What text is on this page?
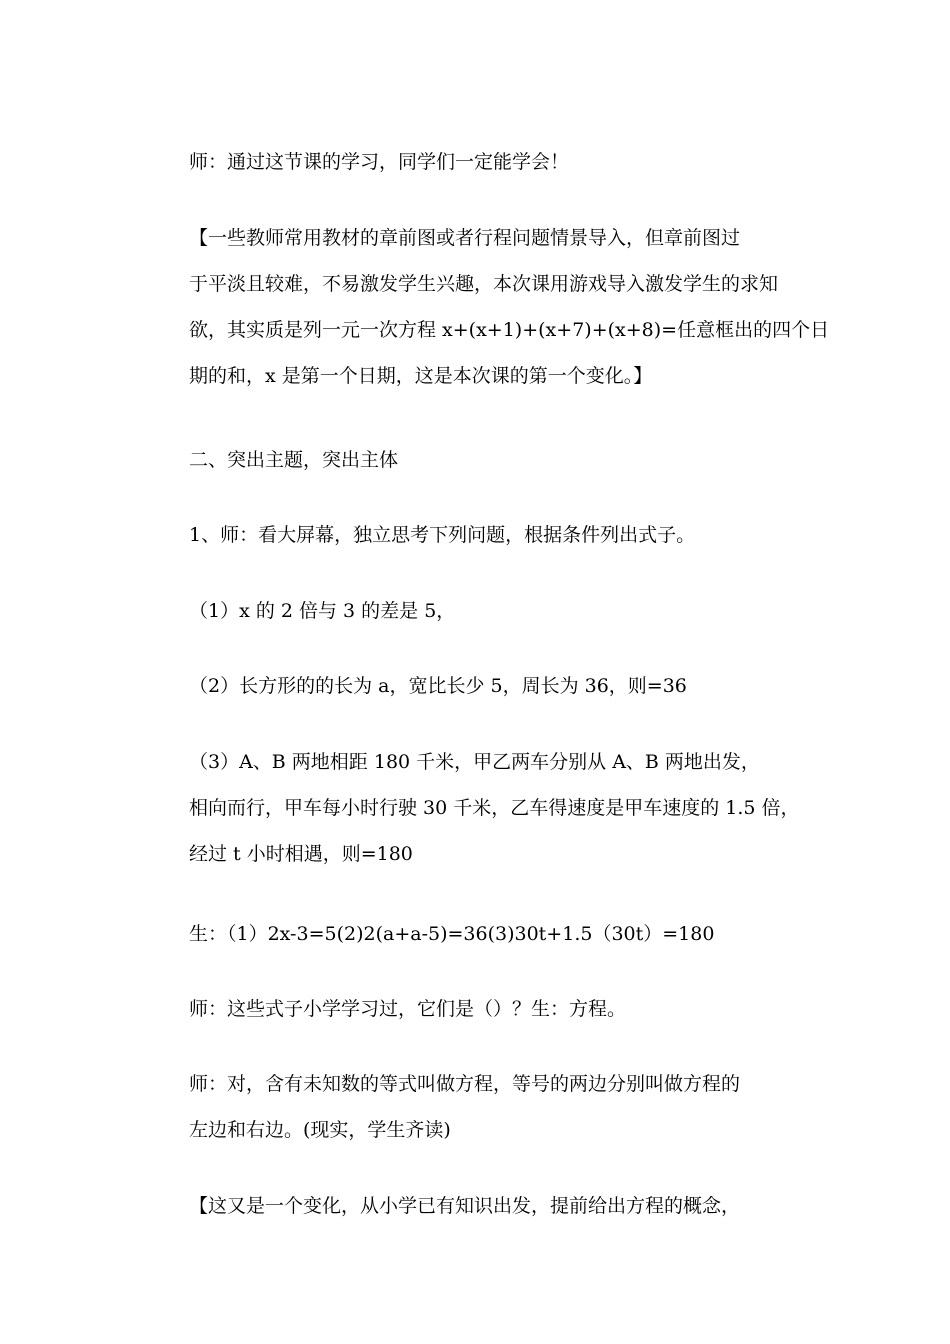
师：通过这节课的学习，同学们一定能学会！
【一些教师常用教材的章前图或者行程问题情景导入，但章前图过
于平淡且较难，不易激发学生兴趣，本次课用游戏导入激发学生的求知
欲，其实质是列一元一次方程 x+(x+1)+(x+7)+(x+8)=任意框出的四个日
期的和，x 是第一个日期，这是本次课的第一个变化。】
二、突出主题，突出主体
1、师：看大屏幕，独立思考下列问题，根据条件列出式子。
（1）x 的 2 倍与 3 的差是 5，
（2）长方形的的长为 a，宽比长少 5，周长为 36，则=36
（3）A、B 两地相距 180 千米，甲乙两车分别从 A、B 两地出发，
相向而行，甲车每小时行驶 30 千米，乙车得速度是甲车速度的 1.5 倍，
经过 t 小时相遇，则=180
生：（1）2x-3=5(2)2(a+a-5)=36(3)30t+1.5（30t）=180
师：这些式子小学学习过，它们是（）？生：方程。
师：对，含有未知数的等式叫做方程，等号的两边分别叫做方程的
左边和右边。(现实，学生齐读)
【这又是一个变化，从小学已有知识出发，提前给出方程的概念，
